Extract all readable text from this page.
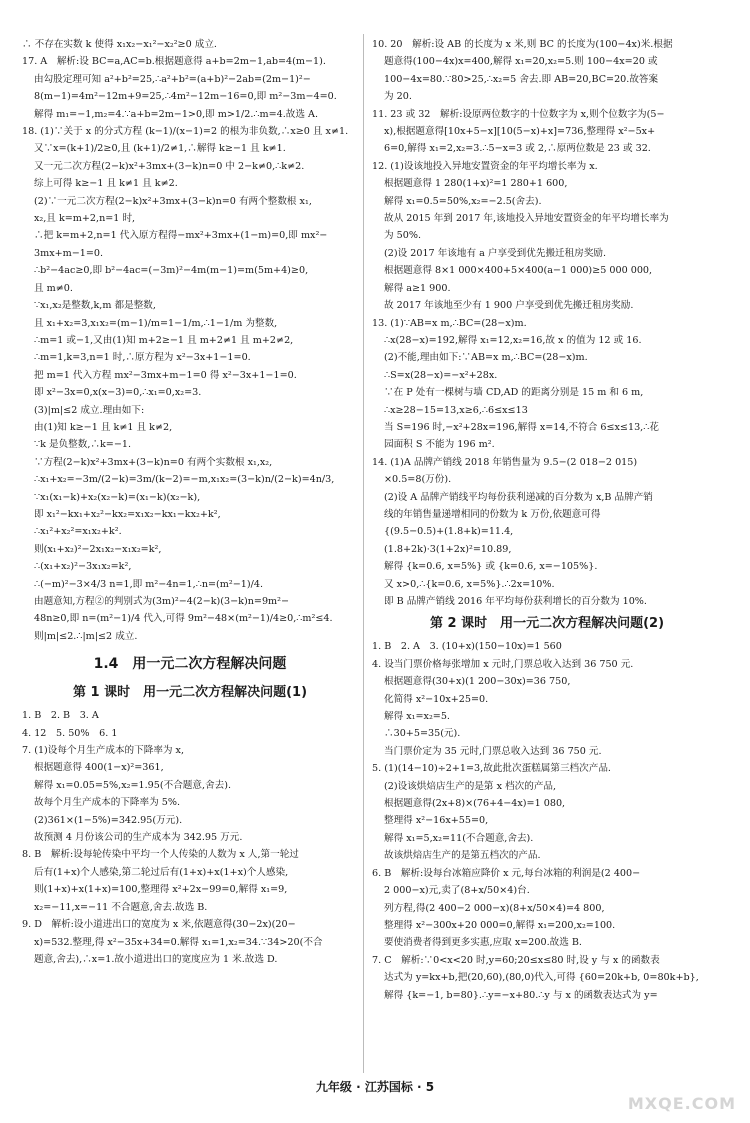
∴ 不存在实数 k 使得 x₁x₂−x₁²−x₂²≥0 成立.
17. A　解析:设 BC=a,AC=b.根据题意得 a+b=2m−1,ab=4(m−1).
由勾股定理可知 a²+b²=25,∴a²+b²=(a+b)²−2ab=(2m−1)²−
8(m−1)=4m²−12m+9=25,∴4m²−12m−16=0,即 m²−3m−4=0.
解得 m₁=−1,m₂=4.∵a+b=2m−1>0,即 m>1/2.∴m=4.故选 A.
18. (1)∵关于 x 的分式方程 (k−1)/(x−1)=2 的根为非负数,∴x≥0 且 x≠1.
又∵x=(k+1)/2≥0,且 (k+1)/2≠1,∴解得 k≥−1 且 k≠1.
又一元二次方程(2−k)x²+3mx+(3−k)n=0 中 2−k≠0,∴k≠2.
综上可得 k≥−1 且 k≠1 且 k≠2.
(2)∵一元二次方程(2−k)x²+3mx+(3−k)n=0 有两个整数根 x₁,
x₂,且 k=m+2,n=1 时,
∴把 k=m+2,n=1 代入原方程得−mx²+3mx+(1−m)=0,即 mx²−
3mx+m−1=0.
∴b²−4ac≥0,即 b²−4ac=(−3m)²−4m(m−1)=m(5m+4)≥0,
且 m≠0.
∵x₁,x₂是整数,k,m 都是整数,
且 x₁+x₂=3,x₁x₂=(m−1)/m=1−1/m,∴1−1/m 为整数,
∴m=1 或−1,又由(1)知 m+2≥−1 且 m+2≠1 且 m+2≠2,
∴m=1,k=3,n=1 时,∴原方程为 x²−3x+1−1=0.
把 m=1 代入方程 mx²−3mx+m−1=0 得 x²−3x+1−1=0.
即 x²−3x=0,x(x−3)=0,∴x₁=0,x₂=3.
(3)|m|≤2 成立.理由如下:
由(1)知 k≥−1 且 k≠1 且 k≠2,
∵k 是负整数,∴k=−1.
∵方程(2−k)x²+3mx+(3−k)n=0 有两个实数根 x₁,x₂,
∴x₁+x₂=−3m/(2−k)=3m/(k−2)=−m,x₁x₂=(3−k)n/(2−k)=4n/3,
∵x₁(x₁−k)+x₂(x₂−k)=(x₁−k)(x₂−k),
即 x₁²−kx₁+x₂²−kx₂=x₁x₂−kx₁−kx₂+k²,
∴x₁²+x₂²=x₁x₂+k².
则(x₁+x₂)²−2x₁x₂−x₁x₂=k²,
∴(x₁+x₂)²−3x₁x₂=k²,
∴(−m)²−3×4/3 n=1,即 m²−4n=1,∴n=(m²−1)/4.
由题意知,方程②的判别式为(3m)²−4(2−k)(3−k)n=9m²−
48n≥0,即 n=(m²−1)/4 代入,可得 9m²−48×(m²−1)/4≥0,∴m²≤4.
则|m|≤2.∴|m|≤2 成立.
1.4　用一元二次方程解决问题
第 1 课时　用一元二次方程解决问题(1)
1. B　2. B　3. A
4. 12　5. 50%　6. 1
7. (1)设每个月生产成本的下降率为 x,
根据题意得 400(1−x)²=361,
解得 x₁=0.05=5%,x₂=1.95(不合题意,舍去).
故每个月生产成本的下降率为 5%.
(2)361×(1−5%)=342.95(万元).
故预测 4 月份该公司的生产成本为 342.95 万元.
8. B　解析:设每轮传染中平均一个人传染的人数为 x 人,第一轮过
后有(1+x)个人感染,第二轮过后有(1+x)+x(1+x)个人感染,
则(1+x)+x(1+x)=100,整理得 x²+2x−99=0,解得 x₁=9,
x₂=−11,x=−11 不合题意,舍去.故选 B.
9. D　解析:设小道进出口的宽度为 x 米,依题意得(30−2x)(20−
x)=532.整理,得 x²−35x+34=0.解得 x₁=1,x₂=34.∵34>20(不合
题意,舍去),∴x=1.故小道进出口的宽度应为 1 米.故选 D.
10. 20　解析:设 AB 的长度为 x 米,则 BC 的长度为(100−4x)米.根据
题意得(100−4x)x=400,解得 x₁=20,x₂=5.则 100−4x=20 或
100−4x=80.∵80>25,∴x₂=5 舍去.即 AB=20,BC=20.故答案
为 20.
11. 23 或 32　解析:设原两位数字的十位数字为 x,则个位数字为(5−
x),根据题意得[10x+5−x][10(5−x)+x]=736,整理得 x²−5x+
6=0,解得 x₁=2,x₂=3.∴5−x=3 或 2,∴原两位数是 23 或 32.
12. (1)设该地投入异地安置资金的年平均增长率为 x.
根据题意得 1 280(1+x)²=1 280+1 600,
解得 x₁=0.5=50%,x₂=−2.5(舍去).
故从 2015 年到 2017 年,该地投入异地安置资金的年平均增长率为
为 50%.
(2)设 2017 年该地有 a 户享受到优先搬迁租房奖励.
根据题意得 8×1 000×400+5×400(a−1 000)≥5 000 000,
解得 a≥1 900.
故 2017 年该地至少有 1 900 户享受到优先搬迁租房奖励.
13. (1)∵AB=x m,∴BC=(28−x)m.
∴x(28−x)=192,解得 x₁=12,x₂=16,故 x 的值为 12 或 16.
(2)不能,理由如下:∵AB=x m,∴BC=(28−x)m.
∴S=x(28−x)=−x²+28x.
∵在 P 处有一棵树与墙 CD,AD 的距离分别是 15 m 和 6 m,
∴x≥28−15=13,x≥6,∴6≤x≤13
当 S=196 时,−x²+28x=196,解得 x=14,不符合 6≤x≤13,∴花
园面积 S 不能为 196 m².
14. (1)A 品牌产销线 2018 年销售量为 9.5−(2 018−2 015)
×0.5=8(万份).
(2)设 A 品牌产销线平均每份获利递减的百分数为 x,B 品牌产销
线的年销售量递增相同的份数为 k 万份,依题意可得
{(9.5−0.5)+(1.8+k)=11.4,
(1.8+2k)·3(1+2x)²=10.89,
解得 {k=0.6, x=5%} 或 {k=0.6, x=−105%}.
又 x>0,∴{k=0.6, x=5%}.∴2x=10%.
即 B 品牌产销线 2016 年平均每份获利增长的百分数为 10%.
第 2 课时　用一元二次方程解决问题(2)
1. B　2. A　3. (10+x)(150−10x)=1 560
4. 设当门票价格每张增加 x 元时,门票总收入达到 36 750 元.
根据题意得(30+x)(1 200−30x)=36 750,
化简得 x²−10x+25=0.
解得 x₁=x₂=5.
∴30+5=35(元).
当门票价定为 35 元时,门票总收入达到 36 750 元.
5. (1)(14−10)÷2+1=3,故此批次蛋糕属第三档次产品.
(2)设该烘焙店生产的是第 x 档次的产品,
根据题意得(2x+8)×(76+4−4x)=1 080,
整理得 x²−16x+55=0,
解得 x₁=5,x₂=11(不合题意,舍去).
故该烘焙店生产的是第五档次的产品.
6. B　解析:设每台冰箱应降价 x 元,每台冰箱的利润是(2 400−
2 000−x)元,卖了(8+x/50×4)台.
列方程,得(2 400−2 000−x)(8+x/50×4)=4 800,
整理得 x²−300x+20 000=0,解得 x₁=200,x₂=100.
要使消费者得到更多实惠,应取 x=200.故选 B.
7. C　解析:∵0<x<20 时,y=60;20≤x≤80 时,设 y 与 x 的函数表
达式为 y=kx+b,把(20,60),(80,0)代入,可得 {60=20k+b, 0=80k+b},
解得 {k=−1, b=80}.∴y=−x+80.∴y 与 x 的函数表达式为 y=
九年级 · 江苏国标 · 5
MXQE.COM
